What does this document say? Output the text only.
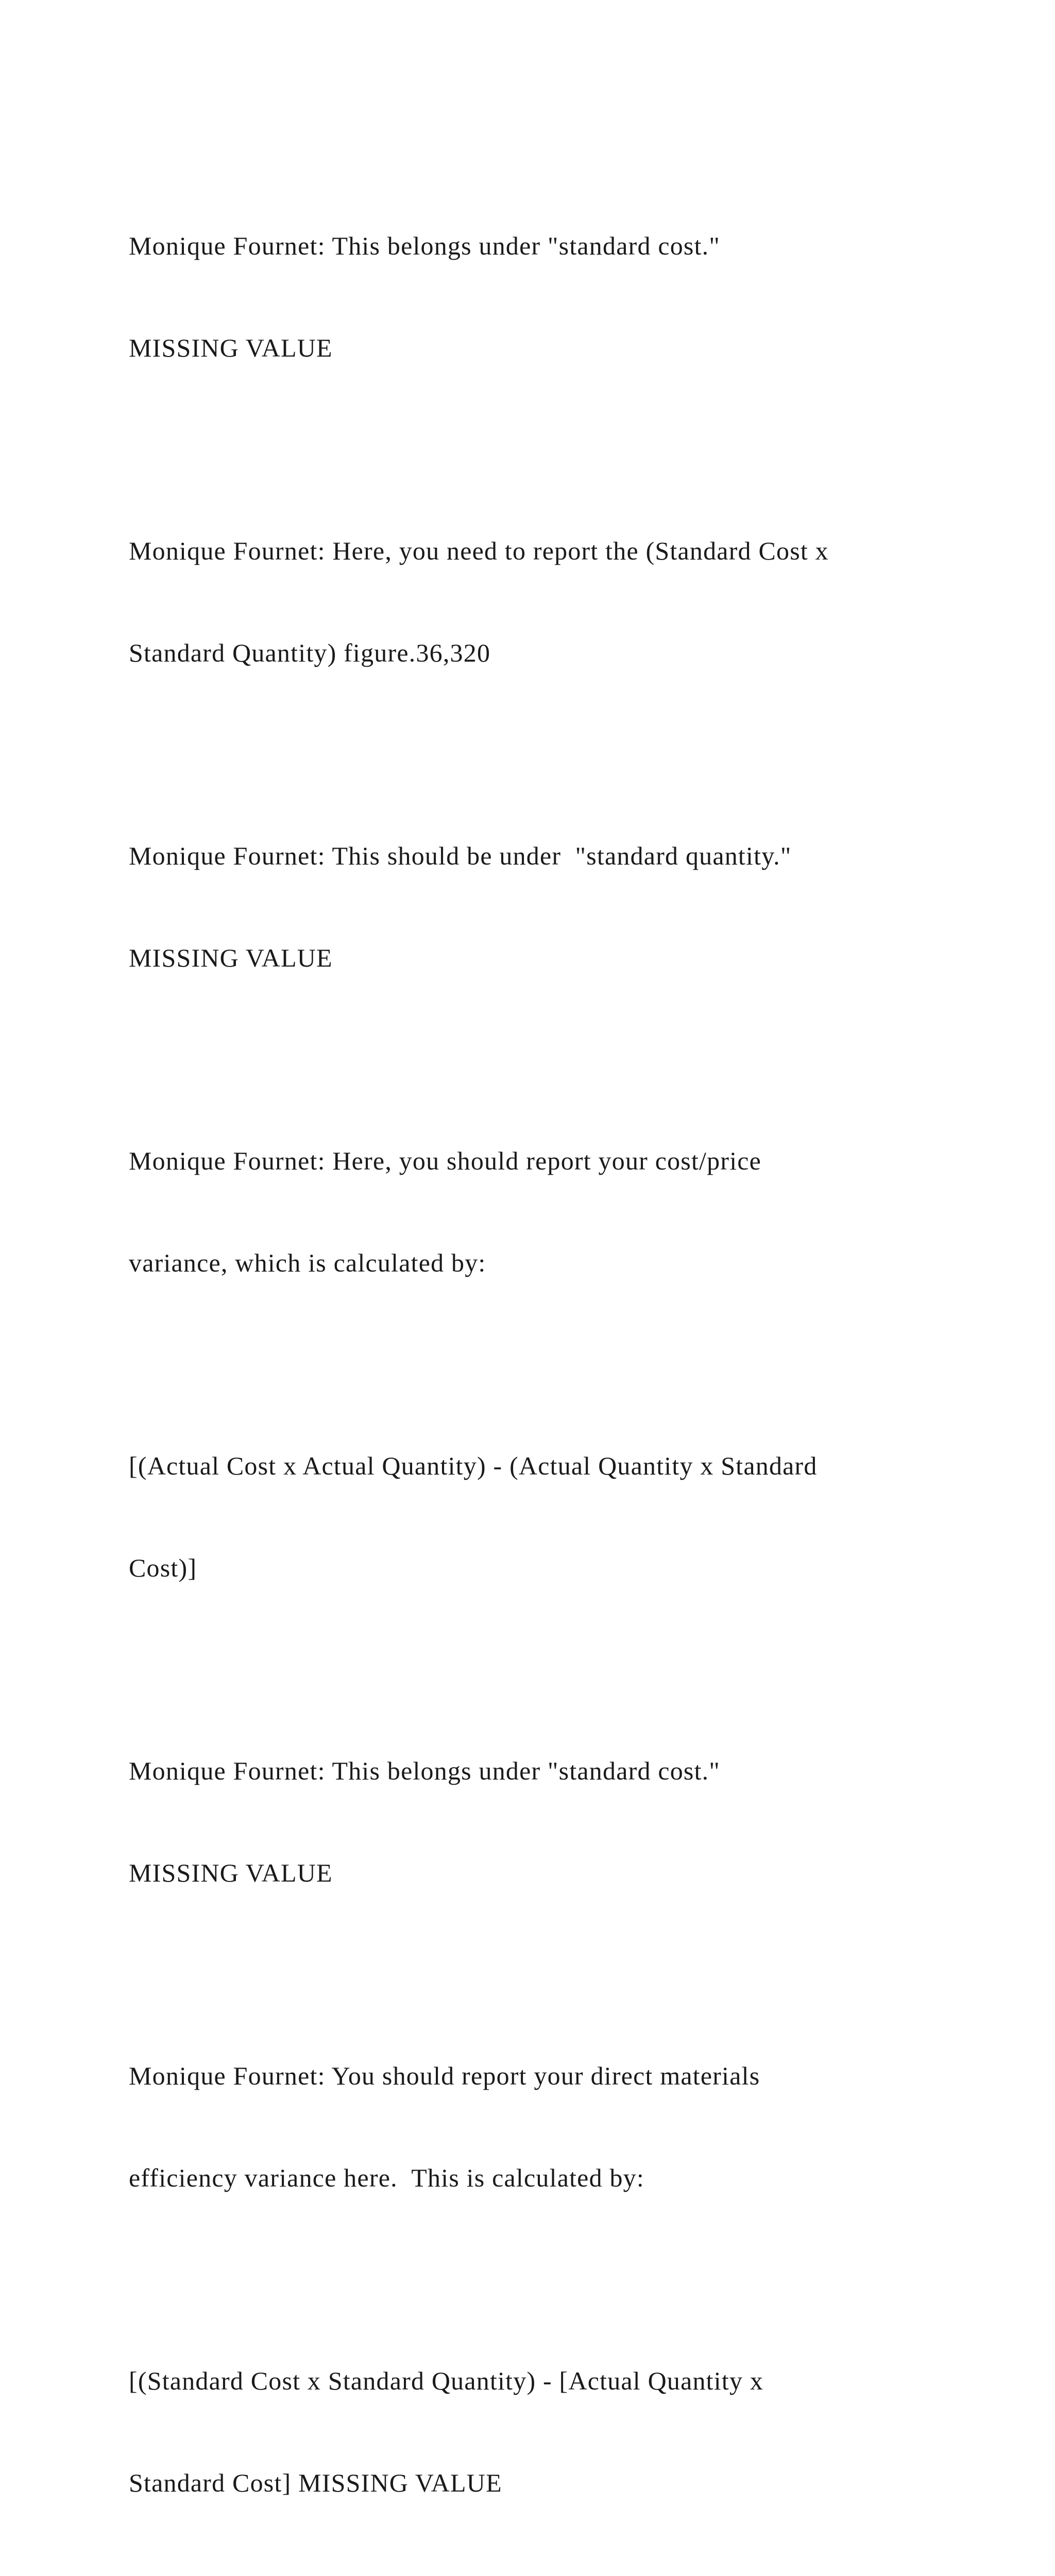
Monique Fournet: This belongs under "standard cost."

MISSING VALUE

Monique Fournet: Here, you need to report the (Standard Cost x

Standard Quantity) figure.36,320

Monique Fournet: This should be under  "standard quantity."

MISSING VALUE

Monique Fournet: Here, you should report your cost/price

variance, which is calculated by:

[(Actual Cost x Actual Quantity) - (Actual Quantity x Standard

Cost)]

Monique Fournet: This belongs under "standard cost."

MISSING VALUE

Monique Fournet: You should report your direct materials

efficiency variance here.  This is calculated by:

[(Standard Cost x Standard Quantity) - [Actual Quantity x

Standard Cost] MISSING VALUE
